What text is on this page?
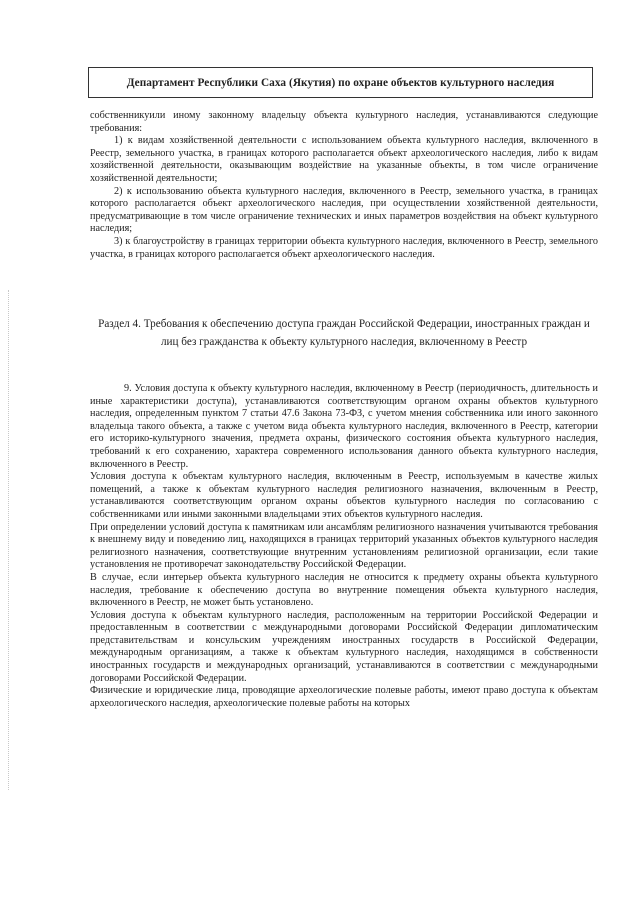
Департамент Республики Саха (Якутия) по охране объектов культурного наследия

собственникуили иному законному владельцу объекта культурного наследия, устанавливаются следующие требования:

1) к видам хозяйственной деятельности с использованием объекта культурного наследия, включенного в Реестр, земельного участка, в границах которого располагается объект археологического наследия, либо к видам хозяйственной деятельности, оказывающим воздействие на указанные объекты, в том числе ограничение хозяйственной деятельности;

2) к использованию объекта культурного наследия, включенного в Реестр, земельного участка, в границах которого располагается объект археологического наследия, при осуществлении хозяйственной деятельности, предусматривающие в том числе ограничение технических и иных параметров воздействия на объект культурного наследия;

3) к благоустройству в границах территории объекта культурного наследия, включенного в Реестр, земельного участка, в границах которого располагается объект археологического наследия.

Раздел 4. Требования к обеспечению доступа граждан Российской Федерации, иностранных граждан и лиц без гражданства к объекту культурного наследия, включенному в Реестр

9. Условия доступа к объекту культурного наследия, включенному в Реестр (периодичность, длительность и иные характеристики доступа), устанавливаются соответствующим органом охраны объектов культурного наследия, определенным пунктом 7 статьи 47.6 Закона 73-ФЗ, с учетом мнения собственника или иного законного владельца такого объекта, а также с учетом вида объекта культурного наследия, включенного в Реестр, категории его историко-культурного значения, предмета охраны, физического состояния объекта культурного наследия, требований к его сохранению, характера современного использования данного объекта культурного наследия, включенного в Реестр.

Условия доступа к объектам культурного наследия, включенным в Реестр, используемым в качестве жилых помещений, а также к объектам культурного наследия религиозного назначения, включенным в Реестр, устанавливаются соответствующим органом охраны объектов культурного наследия по согласованию с собственниками или иными законными владельцами этих объектов культурного наследия.

При определении условий доступа к памятникам или ансамблям религиозного назначения учитываются требования к внешнему виду и поведению лиц, находящихся в границах территорий указанных объектов культурного наследия религиозного назначения, соответствующие внутренним установлениям религиозной организации, если такие установления не противоречат законодательству Российской Федерации.

В случае, если интерьер объекта культурного наследия не относится к предмету охраны объекта культурного наследия, требование к обеспечению доступа во внутренние помещения объекта культурного наследия, включенного в Реестр, не может быть установлено.

Условия доступа к объектам культурного наследия, расположенным на территории Российской Федерации и предоставленным в соответствии с международными договорами Российской Федерации дипломатическим представительствам и консульским учреждениям иностранных государств в Российской Федерации, международным организациям, а также к объектам культурного наследия, находящимся в собственности иностранных государств и международных организаций, устанавливаются в соответствии с международными договорами Российской Федерации.

Физические и юридические лица, проводящие археологические полевые работы, имеют право доступа к объектам археологического наследия, археологические полевые работы на которых
